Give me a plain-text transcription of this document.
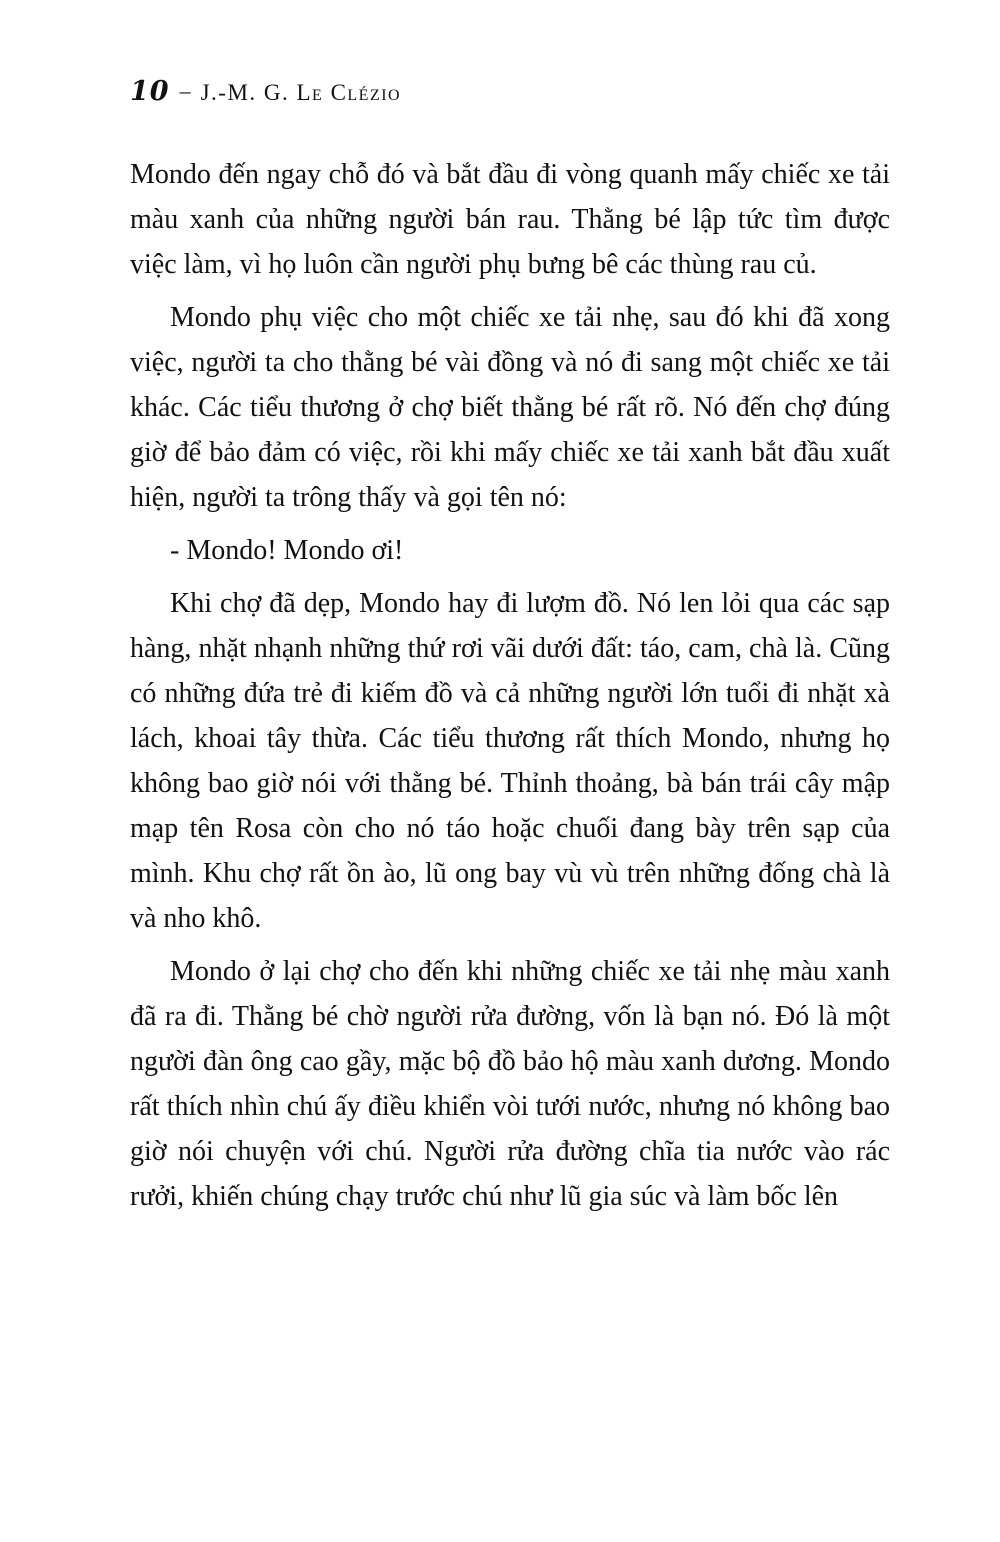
10 – J.-M. G. Le Clézio

Mondo đến ngay chỗ đó và bắt đầu đi vòng quanh mấy chiếc xe tải màu xanh của những người bán rau. Thằng bé lập tức tìm được việc làm, vì họ luôn cần người phụ bưng bê các thùng rau củ.

Mondo phụ việc cho một chiếc xe tải nhẹ, sau đó khi đã xong việc, người ta cho thằng bé vài đồng và nó đi sang một chiếc xe tải khác. Các tiểu thương ở chợ biết thằng bé rất rõ. Nó đến chợ đúng giờ để bảo đảm có việc, rồi khi mấy chiếc xe tải xanh bắt đầu xuất hiện, người ta trông thấy và gọi tên nó:

- Mondo! Mondo ơi!

Khi chợ đã dẹp, Mondo hay đi lượm đồ. Nó len lỏi qua các sạp hàng, nhặt nhạnh những thứ rơi vãi dưới đất: táo, cam, chà là. Cũng có những đứa trẻ đi kiếm đồ và cả những người lớn tuổi đi nhặt xà lách, khoai tây thừa. Các tiểu thương rất thích Mondo, nhưng họ không bao giờ nói với thằng bé. Thỉnh thoảng, bà bán trái cây mập mạp tên Rosa còn cho nó táo hoặc chuối đang bày trên sạp của mình. Khu chợ rất ồn ào, lũ ong bay vù vù trên những đống chà là và nho khô.

Mondo ở lại chợ cho đến khi những chiếc xe tải nhẹ màu xanh đã ra đi. Thằng bé chờ người rửa đường, vốn là bạn nó. Đó là một người đàn ông cao gầy, mặc bộ đồ bảo hộ màu xanh dương. Mondo rất thích nhìn chú ấy điều khiển vòi tưới nước, nhưng nó không bao giờ nói chuyện với chú. Người rửa đường chĩa tia nước vào rác rưởi, khiến chúng chạy trước chú như lũ gia súc và làm bốc lên
